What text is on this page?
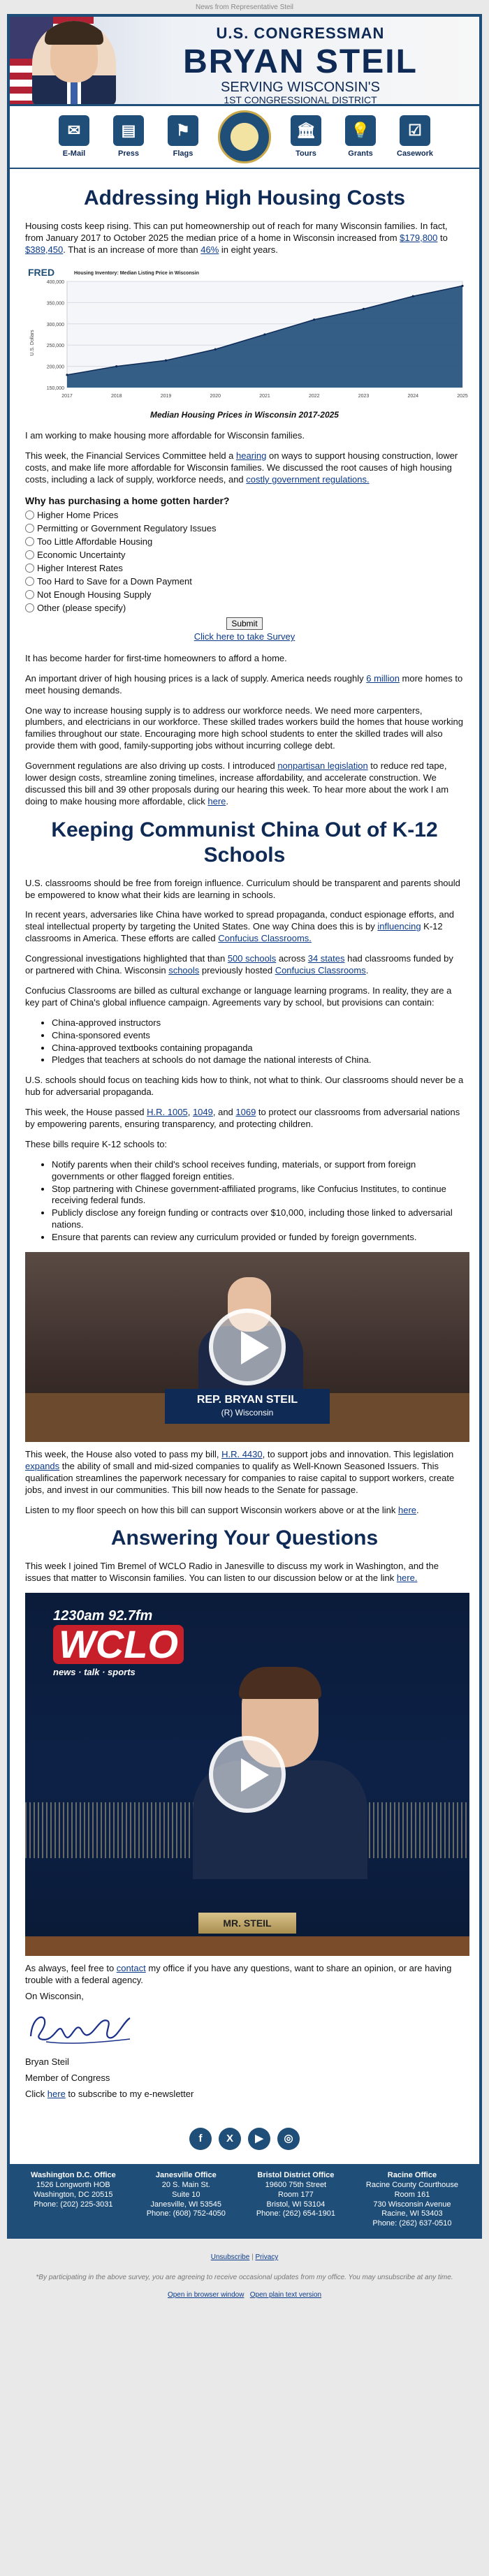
News from Representative Steil
U.S. CONGRESSMAN
BRYAN STEIL
SERVING WISCONSIN'S
1ST CONGRESSIONAL DISTRICT
✉
E-Mail
▤
Press
⚑
Flags
🏛
Tours
💡
Grants
☑
Casework
Addressing High Housing Costs

Housing costs keep rising. This can put homeownership out of reach for many Wisconsin families. In fact, from January 2017 to October 2025 the median price of a home in Wisconsin increased from $179,800 to $389,450. That is an increase of more than 46% in eight years.

150,000
200,000
250,000
300,000
350,000
400,000
2017	2018	2019	2020	2021	2022	2023	2024	2025
FRED	Housing Inventory: Median Listing Price in Wisconsin
U.S. Dollars
Median Housing Prices in Wisconsin 2017-2025

I am working to make housing more affordable for Wisconsin families.

This week, the Financial Services Committee held a hearing on ways to support housing construction, lower costs, and make life more affordable for Wisconsin families. We discussed the root causes of high housing costs, including a lack of supply, workforce needs, and costly government regulations.

Why has purchasing a home gotten harder?
Higher Home Prices
Permitting or Government Regulatory Issues
Too Little Affordable Housing
Economic Uncertainty
Higher Interest Rates
Too Hard to Save for a Down Payment
Not Enough Housing Supply
Other (please specify)
Submit
Click here to take Survey

It has become harder for first-time homeowners to afford a home.

An important driver of high housing prices is a lack of supply. America needs roughly 6 million more homes to meet housing demands.

One way to increase housing supply is to address our workforce needs. We need more carpenters, plumbers, and electricians in our workforce. These skilled trades workers build the homes that house working families throughout our state. Encouraging more high school students to enter the skilled trades will also provide them with good, family-supporting jobs without incurring college debt.

Government regulations are also driving up costs. I introduced nonpartisan legislation to reduce red tape, lower design costs, streamline zoning timelines, increase affordability, and accelerate construction. We discussed this bill and 39 other proposals during our hearing this week. To hear more about the work I am doing to make housing more affordable, click here.

Keeping Communist China Out of K-12 Schools

U.S. classrooms should be free from foreign influence. Curriculum should be transparent and parents should be empowered to know what their kids are learning in schools.

In recent years, adversaries like China have worked to spread propaganda, conduct espionage efforts, and steal intellectual property by targeting the United States. One way China does this is by influencing K-12 classrooms in America. These efforts are called Confucius Classrooms.

Congressional investigations highlighted that than 500 schools across 34 states had classrooms funded by or partnered with China. Wisconsin schools previously hosted Confucius Classrooms.

Confucius Classrooms are billed as cultural exchange or language learning programs. In reality, they are a key part of China's global influence campaign. Agreements vary by school, but provisions can contain:

• China-approved instructors
• China-sponsored events
• China-approved textbooks containing propaganda
• Pledges that teachers at schools do not damage the national interests of China.

U.S. schools should focus on teaching kids how to think, not what to think. Our classrooms should never be a hub for adversarial propaganda.

This week, the House passed H.R. 1005, 1049, and 1069 to protect our classrooms from adversarial nations by empowering parents, ensuring transparency, and protecting children.

These bills require K-12 schools to:

• Notify parents when their child's school receives funding, materials, or support from foreign governments or other flagged foreign entities.
• Stop partnering with Chinese government-affiliated programs, like Confucius Institutes, to continue receiving federal funds.
• Publicly disclose any foreign funding or contracts over $10,000, including those linked to adversarial nations.
• Ensure that parents can review any curriculum provided or funded by foreign governments.
REP. BRYAN STEIL
(R) Wisconsin

This week, the House also voted to pass my bill, H.R. 4430, to support jobs and innovation. This legislation expands the ability of small and mid-sized companies to qualify as Well-Known Seasoned Issuers. This qualification streamlines the paperwork necessary for companies to raise capital to support workers, create jobs, and invest in our communities. This bill now heads to the Senate for passage.

Listen to my floor speech on how this bill can support Wisconsin workers above or at the link here.

Answering Your Questions

This week I joined Tim Bremel of WCLO Radio in Janesville to discuss my work in Washington, and the issues that matter to Wisconsin families. You can listen to our discussion below or at the link here.

1230am 92.7fm
WCLO
news · talk · sports
MR. STEIL

As always, feel free to contact my office if you have any questions, want to share an opinion, or are having trouble with a federal agency.

On Wisconsin,

Bryan Steil

Member of Congress

Click here to subscribe to my e-newsletter

f	X	▶	◎
Washington D.C. Office
1526 Longworth HOB
Washington, DC 20515
Phone: (202) 225-3031
Janesville Office
20 S. Main St.
Suite 10
Janesville, WI 53545
Phone: (608) 752-4050
Bristol District Office
19600 75th Street
Room 177
Bristol, WI 53104
Phone: (262) 654-1901
Racine Office
Racine County Courthouse
Room 161
730 Wisconsin Avenue
Racine, WI 53403
Phone: (262) 637-0510
Unsubscribe | Privacy
*By participating in the above survey, you are agreeing to receive occasional updates from my office. You may unsubscribe at any time.
Open in browser window Open plain text version
